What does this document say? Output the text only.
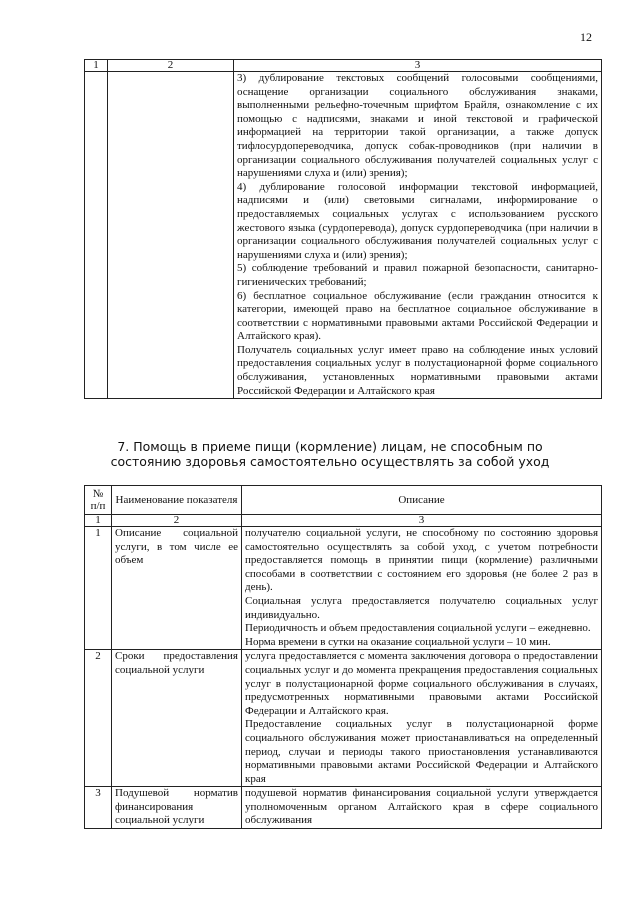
12
1	2	3

		3) дублирование текстовых сообщений голосовыми сообщениями, оснащение организации социального обслуживания знаками, выполненными рельефно-точечным шрифтом Брайля, ознакомление с их помощью с надписями, знаками и иной текстовой и графической информацией на территории такой организации, а также допуск тифлосурдопереводчика, допуск собак-проводников (при наличии в организации социального обслуживания получателей социальных услуг с нарушениями слуха и (или) зрения);

4) дублирование голосовой информации текстовой информацией, надписями и (или) световыми сигналами, информирование о предоставляемых социальных услугах с использованием русского жестового языка (сурдоперевода), допуск сурдопереводчика (при наличии в организации социального обслуживания получателей социальных услуг с нарушениями слуха и (или) зрения);

5) соблюдение требований и правил пожарной безопасности, санитарно-гигиенических требований;

6) бесплатное социальное обслуживание (если гражданин относится к категории, имеющей право на бесплатное социальное обслуживание в соответствии с нормативными правовыми актами Российской Федерации и Алтайского края).

Получатель социальных услуг имеет право на соблюдение иных условий предоставления социальных услуг в полустационарной форме социального обслуживания, установленных нормативными правовыми актами Российской Федерации и Алтайского края

7. Помощь в приеме пищи (кормление) лицам, не способным по
состоянию здоровья самостоятельно осуществлять за собой уход
№ п/п	Наименование показателя	Описание
1	2	3
1	Описание социальной услуги, в том числе ее объем	получателю социальной услуги, не способному по состоянию здоровья самостоятельно осуществлять за собой уход, с учетом потребности предоставляется помощь в принятии пищи (кормление) различными способами в соответствии с состоянием его здоровья (не более 2 раз в день).

Социальная услуга предоставляется получателю социальных услуг индивидуально.

Периодичность и объем предоставления социальной услуги – ежедневно.

Норма времени в сутки на оказание социальной услуги – 10 мин.

2	Сроки предоставления социальной услуги	услуга предоставляется с момента заключения договора о предоставлении социальных услуг и до момента прекращения предоставления социальных услуг в полустационарной форме социального обслуживания в случаях, предусмотренных нормативными правовыми актами Российской Федерации и Алтайского края.

Предоставление социальных услуг в полустационарной форме социального обслуживания может приостанавливаться на определенный период, случаи и периоды такого приостановления устанавливаются нормативными правовыми актами Российской Федерации и Алтайского края

3	Подушевой норматив финансирования социальной услуги	подушевой норматив финансирования социальной услуги утверждается уполномоченным органом Алтайского края в сфере социального обслуживания
